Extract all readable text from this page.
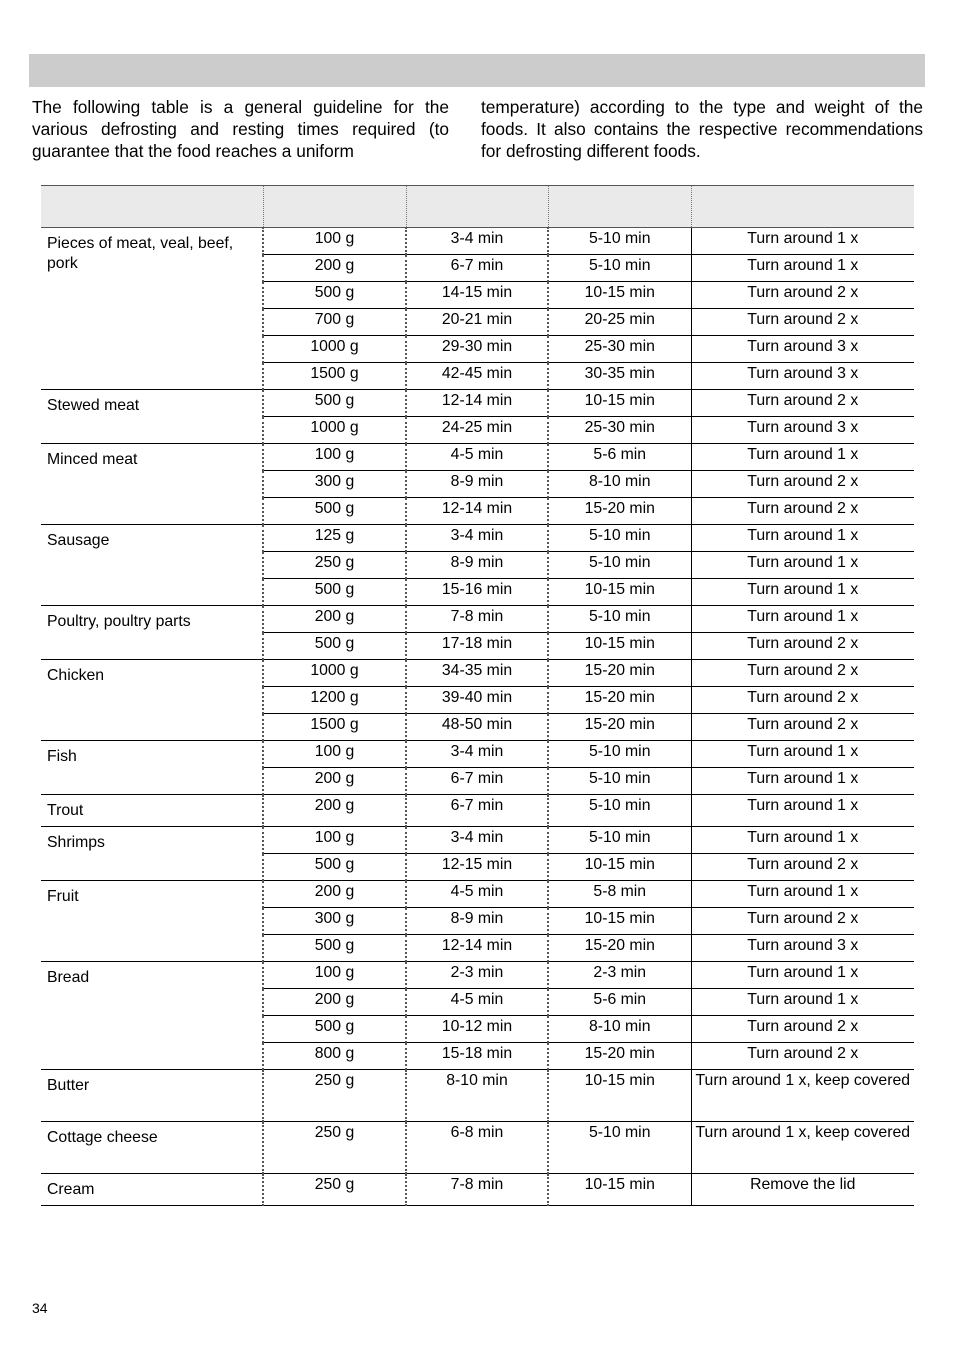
The following table is a general guideline for the various defrosting and resting times required (to guarantee that the food reaches a uniform
temperature) according to the type and weight of the foods. It also contains the respective recommendations for defrosting different foods.

Pieces of meat, veal, beef, pork	100 g	3-4 min	5-10 min	Turn around 1 x
	200 g	6-7 min	5-10 min	Turn around 1 x
	500 g	14-15 min	10-15 min	Turn around 2 x
	700 g	20-21 min	20-25 min	Turn around 2 x
	1000 g	29-30 min	25-30 min	Turn around 3 x
	1500 g	42-45 min	30-35 min	Turn around 3 x
Stewed meat	500 g	12-14 min	10-15 min	Turn around 2 x
	1000 g	24-25 min	25-30 min	Turn around 3 x
Minced meat	100 g	4-5 min	5-6 min	Turn around 1 x
	300 g	8-9 min	8-10 min	Turn around 2 x
	500 g	12-14 min	15-20 min	Turn around 2 x
Sausage	125 g	3-4 min	5-10 min	Turn around 1 x
	250 g	8-9 min	5-10 min	Turn around 1 x
	500 g	15-16 min	10-15 min	Turn around 1 x
Poultry, poultry parts	200 g	7-8 min	5-10 min	Turn around 1 x
	500 g	17-18 min	10-15 min	Turn around 2 x
Chicken	1000 g	34-35 min	15-20 min	Turn around 2 x
	1200 g	39-40 min	15-20 min	Turn around 2 x
	1500 g	48-50 min	15-20 min	Turn around 2 x
Fish	100 g	3-4 min	5-10 min	Turn around 1 x
	200 g	6-7 min	5-10 min	Turn around 1 x
Trout	200 g	6-7 min	5-10 min	Turn around 1 x
Shrimps	100 g	3-4 min	5-10 min	Turn around 1 x
	500 g	12-15 min	10-15 min	Turn around 2 x
Fruit	200 g	4-5 min	5-8 min	Turn around 1 x
	300 g	8-9 min	10-15 min	Turn around 2 x
	500 g	12-14 min	15-20 min	Turn around 3 x
Bread	100 g	2-3 min	2-3 min	Turn around 1 x
	200 g	4-5 min	5-6 min	Turn around 1 x
	500 g	10-12 min	8-10 min	Turn around 2 x
	800 g	15-18 min	15-20 min	Turn around 2 x
Butter	250 g	8-10 min	10-15 min	Turn around 1 x, keep covered
Cottage cheese	250 g	6-8 min	5-10 min	Turn around 1 x, keep covered
Cream	250 g	7-8 min	10-15 min	Remove the lid
34
